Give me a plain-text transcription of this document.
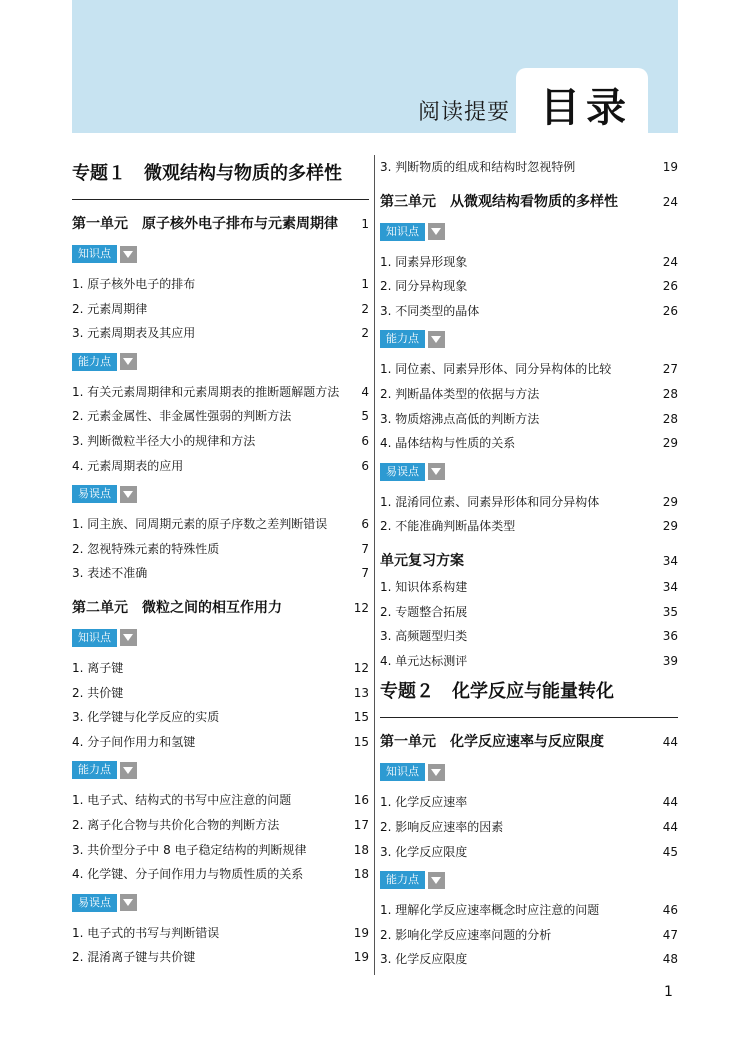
阅读提要 目录
专题１　微观结构与物质的多样性
第一单元　原子核外电子排布与元素周期律 1
知识点
1. 原子核外电子的排布	1
2. 元素周期律	2
3. 元素周期表及其应用	2
能力点
1. 有关元素周期律和元素周期表的推断题解题方法 4
2. 元素金属性、非金属性强弱的判断方法	5
3. 判断微粒半径大小的规律和方法	6
4. 元素周期表的应用	6
易误点
1. 同主族、同周期元素的原子序数之差判断错误	6
2. 忽视特殊元素的特殊性质	7
3. 表述不准确	7
第二单元　微粒之间的相互作用力	12
知识点
1. 离子键	12
2. 共价键	13
3. 化学键与化学反应的实质	15
4. 分子间作用力和氢键	15
能力点
1. 电子式、结构式的书写中应注意的问题	16
2. 离子化合物与共价化合物的判断方法	17
3. 共价型分子中 8 电子稳定结构的判断规律	18
4. 化学键、分子间作用力与物质性质的关系	18
易误点
1. 电子式的书写与判断错误	19
2. 混淆离子键与共价键	19
3. 判断物质的组成和结构时忽视特例	19
第三单元　从微观结构看物质的多样性	24
知识点
1. 同素异形现象	24
2. 同分异构现象	26
3. 不同类型的晶体	26
能力点
1. 同位素、同素异形体、同分异构体的比较	27
2. 判断晶体类型的依据与方法	28
3. 物质熔沸点高低的判断方法	28
4. 晶体结构与性质的关系	29
易误点
1. 混淆同位素、同素异形体和同分异构体	29
2. 不能准确判断晶体类型	29
单元复习方案	34
1. 知识体系构建	34
2. 专题整合拓展	35
3. 高频题型归类	36
4. 单元达标测评	39
专题２　化学反应与能量转化
第一单元　化学反应速率与反应限度	44
知识点
1. 化学反应速率	44
2. 影响反应速率的因素	44
3. 化学反应限度	45
能力点
1. 理解化学反应速率概念时应注意的问题	46
2. 影响化学反应速率问题的分析	47
3. 化学反应限度	48
1
